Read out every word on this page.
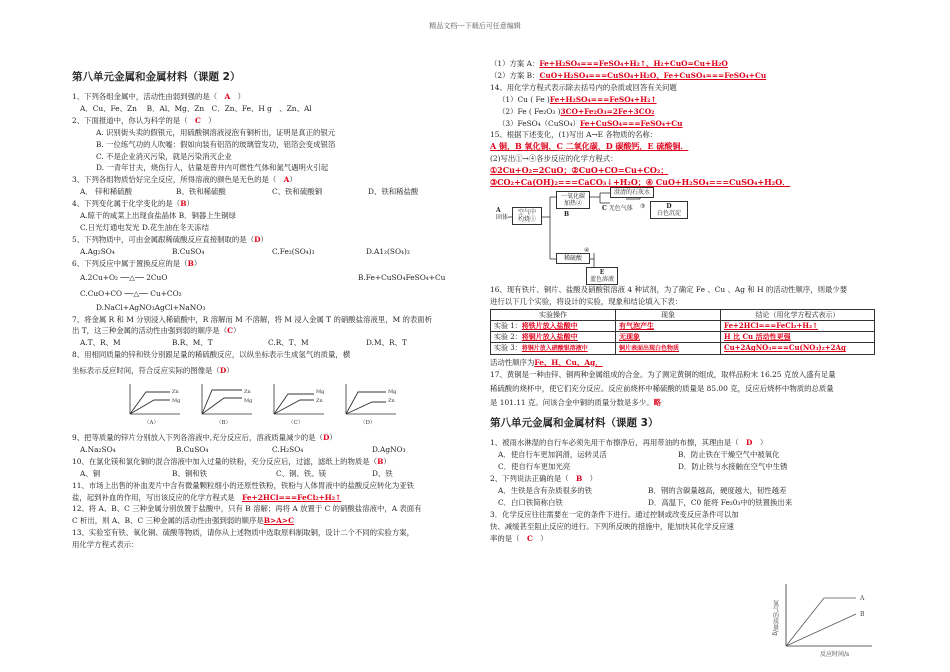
精品文档---下载后可任意编辑
第八单元金属和金属材料（课题 2）
1、下列各组金属中，活动性由弱到强的是（　 A　）
A．Cu、Fe、Zn　 B．Al、Mg、Zn　C．Zn、Fe、H g　、Zn、Al
2、下面报道中，你认为科学的是（　 C　）
A. 识别街头卖的假银元，用硫酸铜溶液浸泡有铜析出，证明是真正的银元
B. 一位练气功的人吹嘘：假如向装有铝箔的玻璃管发功，铝箔会变成银箔
C. 不是企业消灭污染，就是污染消灭企业
D. 一青年甘夫，烧伤行人，估量是曾井内可燃性气体和氮气遇明火引起
3、下列各组物质恰好完全反应，所得溶液的颜色是无色的是（　 A）
A． 锌和稀硫酸	B、铁和稀硫酸	C、铁和硫酸铜	D、铁和稀盐酸
4、下列变化属于化学变化的是（B）
A.晾干的咸菜上出现食盐晶体 B．铜器上生铜绿
C.日光灯通电发光 D.花生油在冬天冻结
5、下列物质中，可由金属跟稀硫酸反应直接制取的是（D）
A.Ag₂SO₄	B.CuSO₄	C.Fe₂(SO₄)₃	D.A1₂(SO₄)₃
6、下列反应中属于置换反应的是（B）
A.2Cu+O₂ ──△── 2CuO	B.Fe+CuSO₄FeSO₄+Cu
C.CuO+CO ──△── Cu+CO₂
D.NaCl+AgNO₃AgCl+NaNO₃
7、将金属 R 和 M 分别浸入稀硫酸中，R 溶解而 M 不溶解，将 M 浸入金属 T 的硝酸盐溶液里，M 的表面析
出 T，这三种金属的活动性由强到弱的顺序是（C）
A.T、R、M	B.R、M、T	C.R、T、M	D.M、R、T
8、用相同质量的锌和铁分别跟足量的稀硫酸反应，以纵坐标表示生成氢气的质量，横
坐标表示反应时间，符合反应实际的图像是（D）
Zn
Mg
（A）
Zn
Mg
（B）
Mg
Zn
（C）
Mg
Zn
（D）
9、把等质量的锌片分别放入下列各溶液中,充分反应后，溶液质量减少的是（D）
A.Na₂SO₄	B.CuSO₄	C.H₂SO₄	D.AgNO₃
10、在氯化镁和氯化铜的混合溶液中加入过量的铁粉，充分反应后，过滤，滤纸上的物质是（B）
A、铜	B、铜和铁	C、铜、铁、镁	D、铁
11、市场上出售的补血麦片中含有微量颗粒细小的还原性铁粉，铁粉与人体胃液中的盐酸反应转化为亚铁
盐，起到补血的作用，写出该反应的化学方程式是　 Fe+2HCl===FeCl₂+H₂↑
12、将 A、B、C 三种金属分别放置于盐酸中，只有 B 溶解；再将 A 放置于 C 的硝酸盐溶液中，A 表面有
C 析出，则 A、B、C 三种金属的活动性由强到弱的顺序是B>A>C
13、实验室有铁、氧化铜、硫酸等物质，请你从上述物质中选取原料制取铜，设计二个不同的实验方案，
用化学方程式表示：
（1）方案 A：Fe+H₂SO₄===FeSO₄+H₂↑、H₂+CuO=Cu+H₂O
（2）方案 B：CuO+H₂SO₄===CuSO₄+H₂O、Fe+CuSO₄===FeSO₄+Cu
14、用化学方程式表示除去括号内的杂质或回答有关问题
（1）Cu ( Fe )Fe+H₂SO₄===FeSO₄+H₂↑
（2）Fe ( Fe₂O₃ )3CO+Fe₂O₃=2Fe+3CO₂
（3）FeSO₄（CuSO₄）Fe+CuSO₄===FeSO₄+Cu
15、根据下述变化，(1)写出 A→E 各物质的名称：
A 铜，B 氧化铜，C 二氧化碳，D 碳酸钙，E 硫酸铜．
(2)写出①→④各步反应的化学方程式：
①2Cu+O₂=2CuO；②CuO+CO=Cu+CO₂；
③CO₂+Ca(OH)₂===CaCO₃↓+H₂O；④ CuO+H₂SO₄===CuSO₄+H₂O．
空气中
灼烧①
A
固体
一氧化碳
加热②
B
澄清的石灰水
C 无色气体 ③	D
白色沉淀
稀硫酸
④
E
蓝色溶液
16、现有铁片、铜片、盐酸及硝酸银溶液 4 种试剂，为了确定 Fe 、Cu 、Ag 和 H 的活动性顺序，则最少要
进行以下几个实验，将设计的实验，现象和结论填入下表：
实验操作	现象	结论（用化学方程式表示）
实验 1：将铁片放入盐酸中	有气泡产生	Fe+2HCl===FeCl₂+H₂↑
实验 2：将铜片放入盐酸中	无现象	H 比 Cu 活动性更强
实验 3：将铜片放入硝酸银溶液中	铜片表面出现白色物质	Cu+2AgNO₃===Cu(NO₃)₂+2Ag
活动性顺序为Fe、H、Cu、Ag．
17、黄铜是一种由锌、铜两种金属组成的合金。为了测定黄铜的组成，取样品粉末 16.25 克放入盛有足量
稀硫酸的烧杯中，使它们充分反应。反应前烧杯中稀硫酸的质量是 85.00 克，反应后烧杯中物质的总质量
是 101.11 克。问该合金中铜的质量分数是多少。略
第八单元金属和金属材料（课题 3）
1、被雨水淋湿的自行车必须先用干布擦净后，再用带油的布擦，其理由是（　 D　）
A．使自行车更加润滑，运转灵活	B．防止铁在干燥空气中被氧化
C．使自行车更加光亮	D．防止铁与水接触在空气中生锈
2、下列说法正确的是（　 B　）
A．生铁是含有杂质很多的铁	B．钢的含碳量越高，硬度越大，韧性越差
C．白口铁简称白铁	D．高温下，C0 能将 Fe₂0₃中的铁置换出来
3．化学反应往往需要在一定的条件下进行。通过控制或改变反应条件可以加
快、减缓甚至阻止反应的进行。下列所反映的措施中，能加快其化学反应速
率的是（　 C　）
氢气的质量/g
反应时间/s
A
B
